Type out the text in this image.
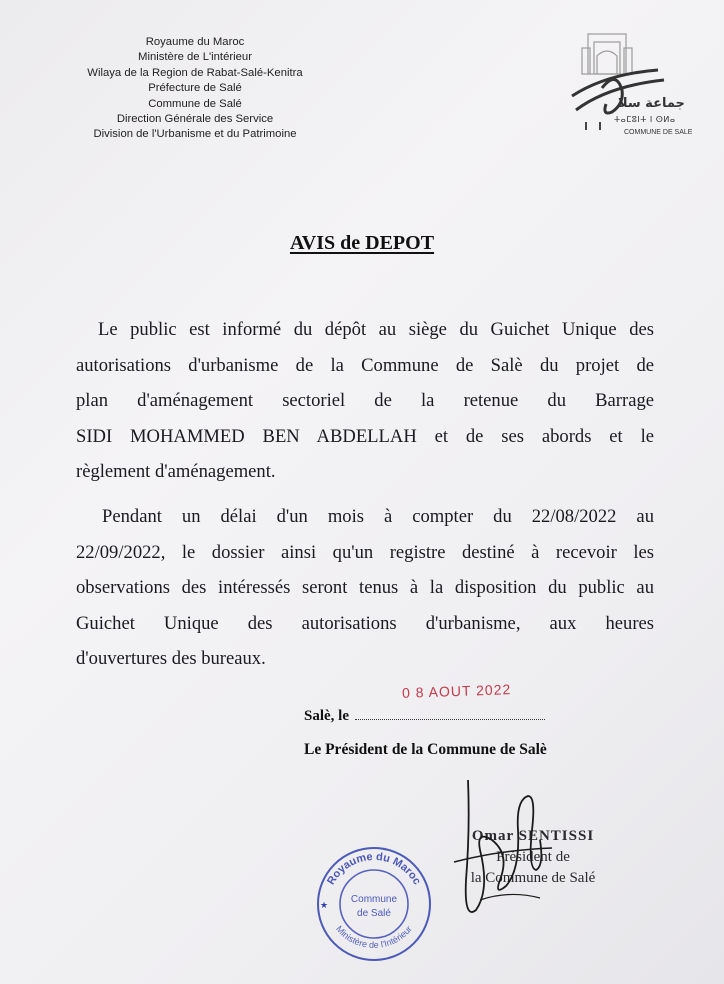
Royaume du Maroc
Ministère de L'intérieur
Wilaya de la Region de Rabat-Salé-Kenitra
Préfecture de Salé
Commune de Salé
Direction Générale des Service
Division de l'Urbanisme et du Patrimoine
جماعة سلا
ⵜⴰⵎⵓⵏⵜ ⵏ ⵙⵍⴰ
COMMUNE DE SALE
AVIS de DEPOT
Le public est informé du dépôt au siège du Guichet Unique des
autorisations d'urbanisme de la Commune de Salè du projet de
plan d'aménagement sectoriel de la retenue du Barrage
SIDI MOHAMMED BEN ABDELLAH et de ses abords et le
règlement d'aménagement.
Pendant un délai d'un mois à compter du 22/08/2022 au
22/09/2022, le dossier ainsi qu'un registre destiné à recevoir les
observations des intéressés seront tenus à la disposition du public au
Guichet Unique des autorisations d'urbanisme, aux heures
d'ouvertures des bureaux.
0 8 AOUT 2022
Salè, le
Le Président de la Commune de Salè
Omar SENTISSI
Président de
la Commune de Salé
Royaume du Maroc
Ministère de l'Intérieur
Commune
de Salé
★
